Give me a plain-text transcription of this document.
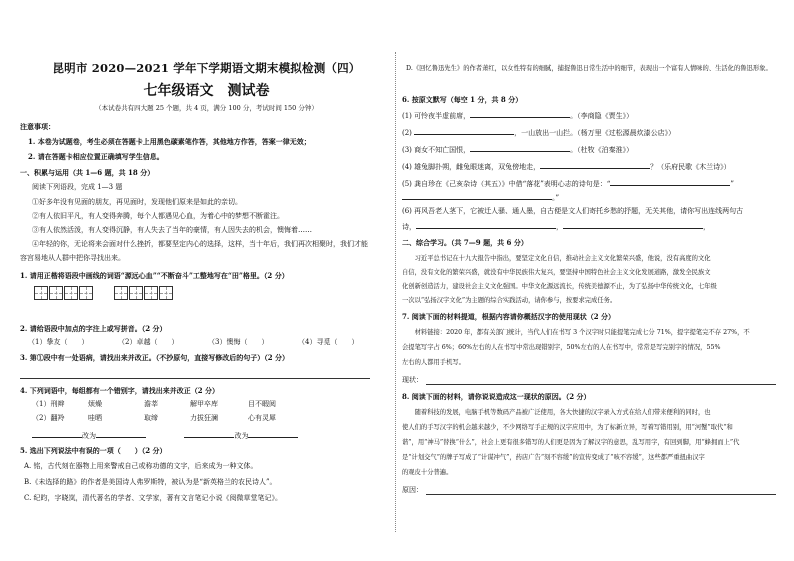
昆明市 2020—2021 学年下学期语文期末模拟检测（四）
七年级语文　测试卷
（本试卷共有四大题 25 个题，共 4 页，满分 100 分，考试时间 150 分钟）
注意事项：
1. 本卷为试题卷，考生必须在答题卡上用黑色碳素笔作答，其他地方作答，答案一律无效；
2. 请在答题卡相应位置正确填写学生信息。
一、积累与运用（共 1—6 题，共 18 分）
阅读下列语段，完成 1—3 题
①好多年没有见面的朋友，再见面时，发现他们原来是如此的亲切。
②有人依旧平凡，有人变得奔腾，每个人都遇见心血，为着心中的梦想不断霍注。
③有人依然活泼，有人变得沉静，有人失去了当年的豪情，有人因失去的机会，懊悔着……
④年轻的你，无论将来会面对什么挫折，都要坚定内心的选择，这样，当十年后，我们再次相聚时，我们才能
容宫易地从人群中把你寻找出来。
1. 请用正楷将语段中画线的词语“源远心血”“不断奋斗”工整地写在“田”格里。（2 分）
2. 请给语段中加点的字注上或写拼音。（2 分）
（1）挚友（　　）	（2）卓越（　　）	（3）懊悔（　　）	（4）寻觅（　　）
3. 第①段中有一处语病，请找出来并改正。（不抄原句，直接写修改后的句子）（2 分）
4. 下列词语中，每组都有一个错别字，请找出来并改正（2 分）
（1）刑辫	烦燥	澹莘	解甲卒库	目不暇阅
（2）翻羚	哇晒	取缔	力拔狂澜	心有灵犀
改为	改为
5. 选出下列说法中有误的一项（　　）（2 分）
A. 铭，古代刻在器物上用来警戒自己或称功德的文字，后来成为一种文体。
B.《未选择的路》的作者是美国诗人弗罗斯特，被认为是“新英格兰的农民诗人”。
C. 纪昀，字晓岚，清代著名的学者、文学家，著有文言笔记小说《阅微草堂笔记》。
D.《回忆鲁迅先生》的作者萧红，以女性特有的细腻，捕捉鲁迅日常生活中的细节，表现出一个富有人情味的、生活化的鲁迅形象。
6. 按原文默写（每空 1 分，共 8 分）
(1) 可怜夜半虚前席，	。（李商隐《贾生》）
(2)	，一山放出一山拦。（杨万里《过松源晨炊漆公店》）
(3) 商女不知亡国恨，	。（杜牧《泊秦淮》）
(4) 雄兔脚扑朔，雌兔眼迷离，双兔傍地走，	？（乐府民歌《木兰诗》）
(5) 龚自珍在《己亥杂诗（其五）》中借“落花”表明心志的诗句是：“	”
。”
(6) 再风吾老人茎下，它被迁人骚、通人墨，自古便是文人们寄托乡愁的抒题，无关其他，请你写出连线两句古
诗，	，	，
二、综合学习。（共 7—9 题，共 6 分）
　　习近平总书记在十九大报告中指出，要坚定文化自信，推动社会主义文化繁荣兴盛，他说，没有高度的文化
自信，没有文化的繁荣兴盛，就没有中华民族伟大复兴，要坚持中国特色社会主义文化发展道路，激发全民族文
化创新创造活力，建设社会主义文化强国。中华文化源远流长，传统美德源不止，为了弘扬中华传统文化，七年级
一次以“弘扬汉字文化”为主题的综合实践活动，请你参与，按要求完成任务。
7. 阅读下面的材料提道，根据内容请你概括汉字的使用现状（2 分）
　　材料链接：2020 年，都有关部门统计，当代人们在书写 3 个汉字时只能提笔完成七分 71%，提字提笔完不存 27%，不
会提笔写字占 6%；60%左右的人在书写中常出现错别字，50%左右的人在书写中，常常是写完别字的情况，55%
左右的人都用手机写。
现状：
8. 阅读下面的材料，请你说说造成这一现状的原因。（2 分）
　　随着科技的发展，电脑手机等数码产品被广泛使用，各大快捷的汉字录入方式在给人们带来便利的同时，也
使人们的手写汉字的机会越来越少，不少网络写手正规的汉字应用中，为了标新立异，写着写错用别，用“河蟹”取代“和
谐”，用“神马”替换“什么”，社会上更有很多错写的人们更是因为了解汉字的意思，乱写用字，有回到脚，用“蜂拥而上”代
是“计划交气”的牌子写成了“计谋冲气”，药店广告“刻不容缓”的宣传变成了“咳不容缓”，这些都严重扭曲汉字
的观皮十分普遍。
原因：
